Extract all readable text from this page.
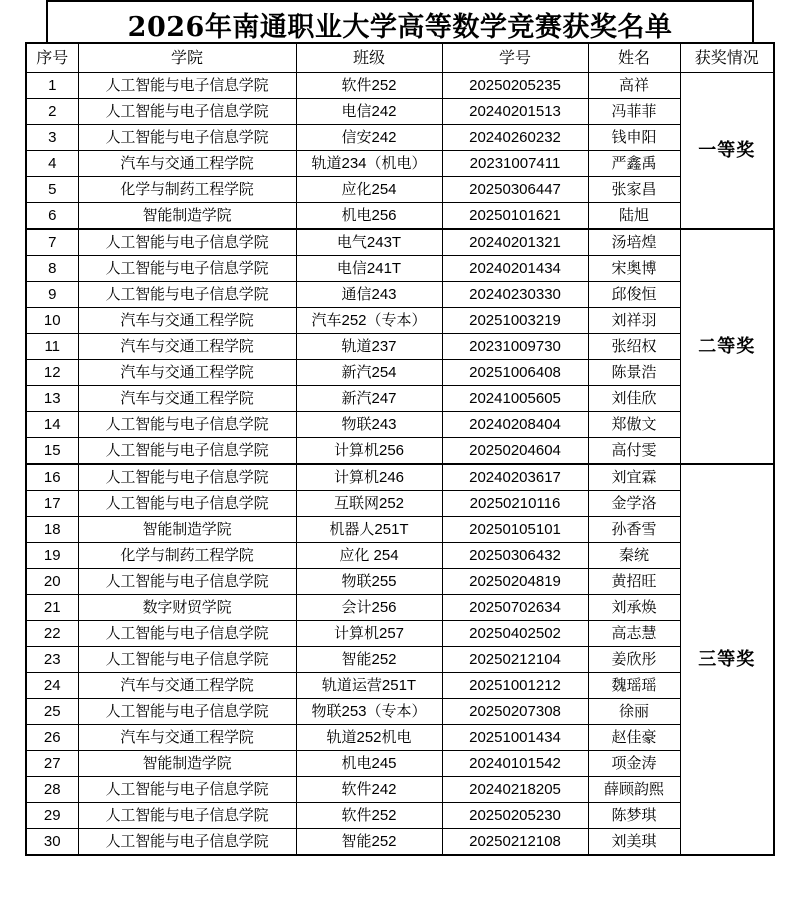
2026年南通职业大学高等数学竞赛获奖名单
序号	学院	班级	学号	姓名	获奖情况
1	人工智能与电子信息学院	软件252	20250205235	高祥	一等奖
2	人工智能与电子信息学院	电信242	20240201513	冯菲菲	
3	人工智能与电子信息学院	信安242	20240260232	钱申阳	
4	汽车与交通工程学院	轨道234（机电）	20231007411	严鑫禹	
5	化学与制药工程学院	应化254	20250306447	张家昌	
6	智能制造学院	机电256	20250101621	陆旭	
7	人工智能与电子信息学院	电气243T	20240201321	汤培煌	二等奖
8	人工智能与电子信息学院	电信241T	20240201434	宋奥博	
9	人工智能与电子信息学院	通信243	20240230330	邱俊恒	
10	汽车与交通工程学院	汽车252（专本）	20251003219	刘祥羽	
11	汽车与交通工程学院	轨道237	20231009730	张绍权	
12	汽车与交通工程学院	新汽254	20251006408	陈景浩	
13	汽车与交通工程学院	新汽247	20241005605	刘佳欣	
14	人工智能与电子信息学院	物联243	20240208404	郑傲文	
15	人工智能与电子信息学院	计算机256	20250204604	高付雯	
16	人工智能与电子信息学院	计算机246	20240203617	刘宜霖	三等奖
17	人工智能与电子信息学院	互联网252	20250210116	金学洛	
18	智能制造学院	机器人251T	20250105101	孙香雪	
19	化学与制药工程学院	应化 254	20250306432	秦统	
20	人工智能与电子信息学院	物联255	20250204819	黄招旺	
21	数字财贸学院	会计256	20250702634	刘承焕	
22	人工智能与电子信息学院	计算机257	20250402502	高志慧	
23	人工智能与电子信息学院	智能252	20250212104	姜欣彤	
24	汽车与交通工程学院	轨道运营251T	20251001212	魏瑶瑶	
25	人工智能与电子信息学院	物联253（专本）	20250207308	徐丽	
26	汽车与交通工程学院	轨道252机电	20251001434	赵佳豪	
27	智能制造学院	机电245	20240101542	项金涛	
28	人工智能与电子信息学院	软件242	20240218205	薛顾韵熙	
29	人工智能与电子信息学院	软件252	20250205230	陈梦琪	
30	人工智能与电子信息学院	智能252	20250212108	刘美琪	
